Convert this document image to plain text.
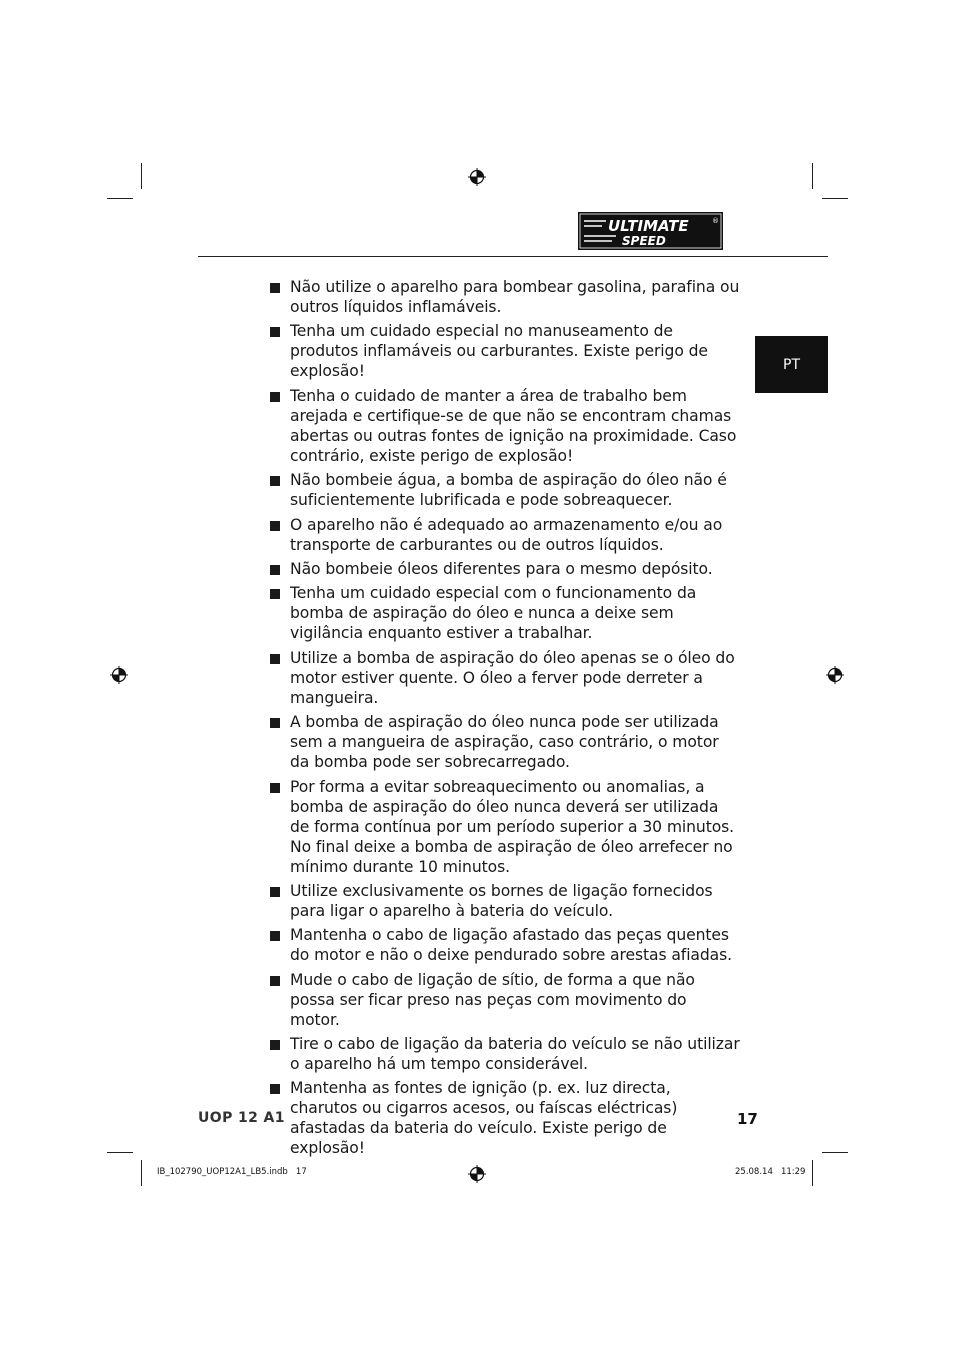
ULTIMATE
SPEED
®
PT
Não utilize o aparelho para bombear gasolina, parafina ou outros líquidos inflamáveis.
Tenha um cuidado especial no manuseamento de produtos inflamáveis ou carburantes. Existe perigo de explosão!
Tenha o cuidado de manter a área de trabalho bem arejada e certifique-se de que não se encontram chamas abertas ou outras fontes de ignição na proximidade. Caso contrário, existe perigo de explosão!
Não bombeie água, a bomba de aspiração do óleo não é suficientemente lubrificada e pode sobreaquecer.
O aparelho não é adequado ao armazenamento e/ou ao transporte de carburantes ou de outros líquidos.
Não bombeie óleos diferentes para o mesmo depósito.
Tenha um cuidado especial com o funcionamento da bomba de aspiração do óleo e nunca a deixe sem vigilância enquanto estiver a trabalhar.
Utilize a bomba de aspiração do óleo apenas se o óleo do motor estiver quente. O óleo a ferver pode derreter a mangueira.
A bomba de aspiração do óleo nunca pode ser utilizada sem a mangueira de aspiração, caso contrário, o motor da bomba pode ser sobrecarregado.
Por forma a evitar sobreaquecimento ou anomalias, a bomba de aspiração do óleo nunca deverá ser utilizada de forma contínua por um período superior a 30 minutos. No final deixe a bomba de aspiração de óleo arrefecer no mínimo durante 10 minutos.
Utilize exclusivamente os bornes de ligação fornecidos para ligar o aparelho à bateria do veículo.
Mantenha o cabo de ligação afastado das peças quentes do motor e não o deixe pendurado sobre arestas afiadas.
Mude o cabo de ligação de sítio, de forma a que não possa ser ficar preso nas peças com movimento do motor.
Tire o cabo de ligação da bateria do veículo se não utilizar o aparelho há um tempo considerável.
Mantenha as fontes de ignição (p. ex. luz directa, charutos ou cigarros acesos, ou faíscas eléctricas) afastadas da bateria do veículo. Existe perigo de explosão!
UOP 12 A1	17
IB_102790_UOP12A1_LB5.indb   17	25.08.14   11:29
